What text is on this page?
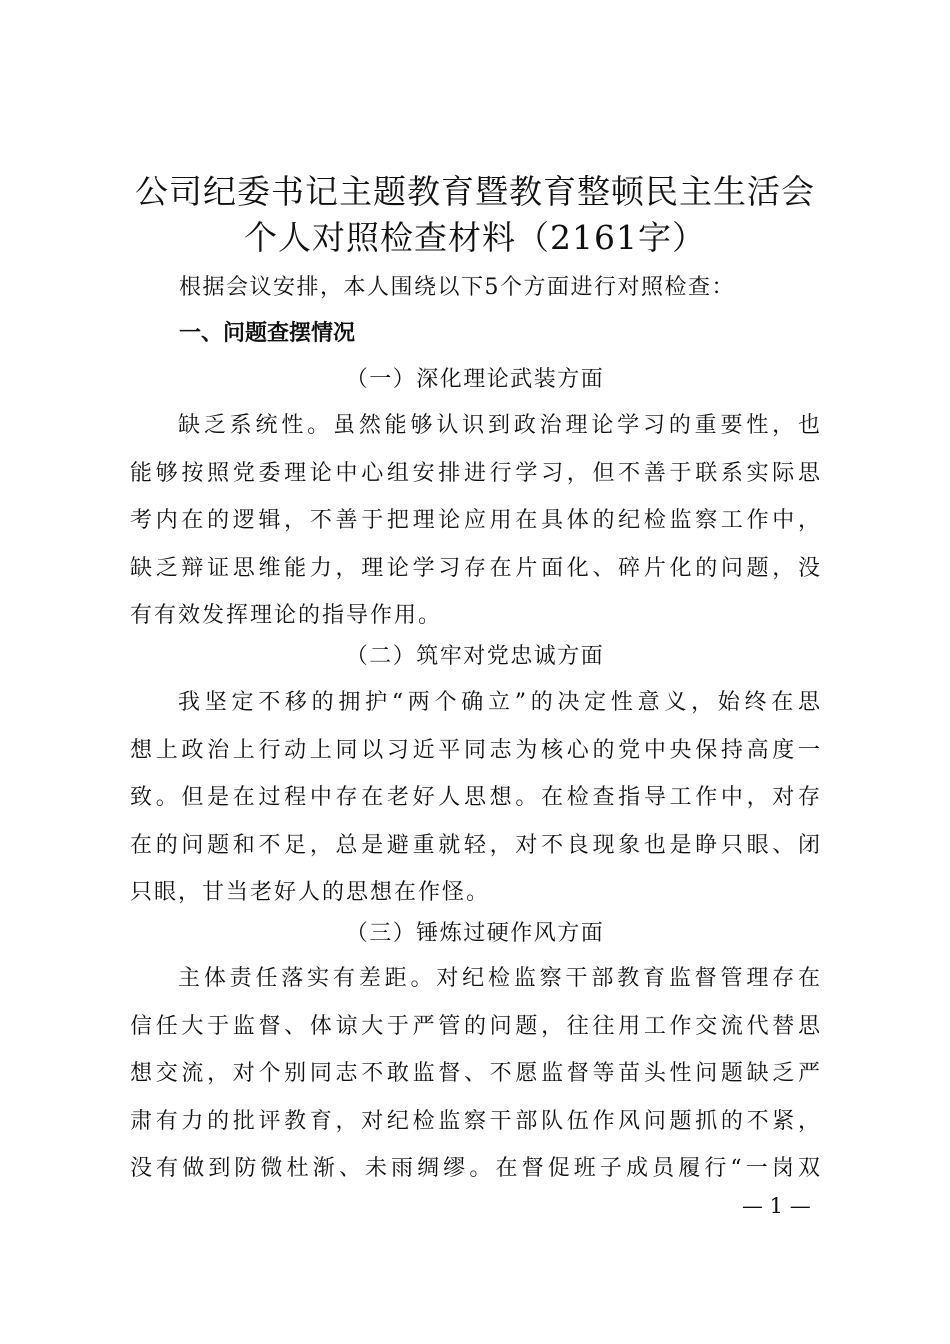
公司纪委书记主题教育暨教育整顿民主生活会
个人对照检查材料（2161字）
根据会议安排，本人围绕以下5个方面进行对照检查：
一、问题查摆情况
（一）深化理论武装方面
缺乏系统性。虽然能够认识到政治理论学习的重要性，也
能够按照党委理论中心组安排进行学习，但不善于联系实际思
考内在的逻辑，不善于把理论应用在具体的纪检监察工作中，
缺乏辩证思维能力，理论学习存在片面化、碎片化的问题，没
有有效发挥理论的指导作用。
（二）筑牢对党忠诚方面
我坚定不移的拥护“两个确立”的决定性意义，始终在思
想上政治上行动上同以习近平同志为核心的党中央保持高度一
致。但是在过程中存在老好人思想。在检查指导工作中，对存
在的问题和不足，总是避重就轻，对不良现象也是睁只眼、闭
只眼，甘当老好人的思想在作怪。
（三）锤炼过硬作风方面
主体责任落实有差距。对纪检监察干部教育监督管理存在
信任大于监督、体谅大于严管的问题，往往用工作交流代替思
想交流，对个别同志不敢监督、不愿监督等苗头性问题缺乏严
肃有力的批评教育，对纪检监察干部队伍作风问题抓的不紧，
没有做到防微杜渐、未雨绸缪。在督促班子成员履行“一岗双
— 1 —
